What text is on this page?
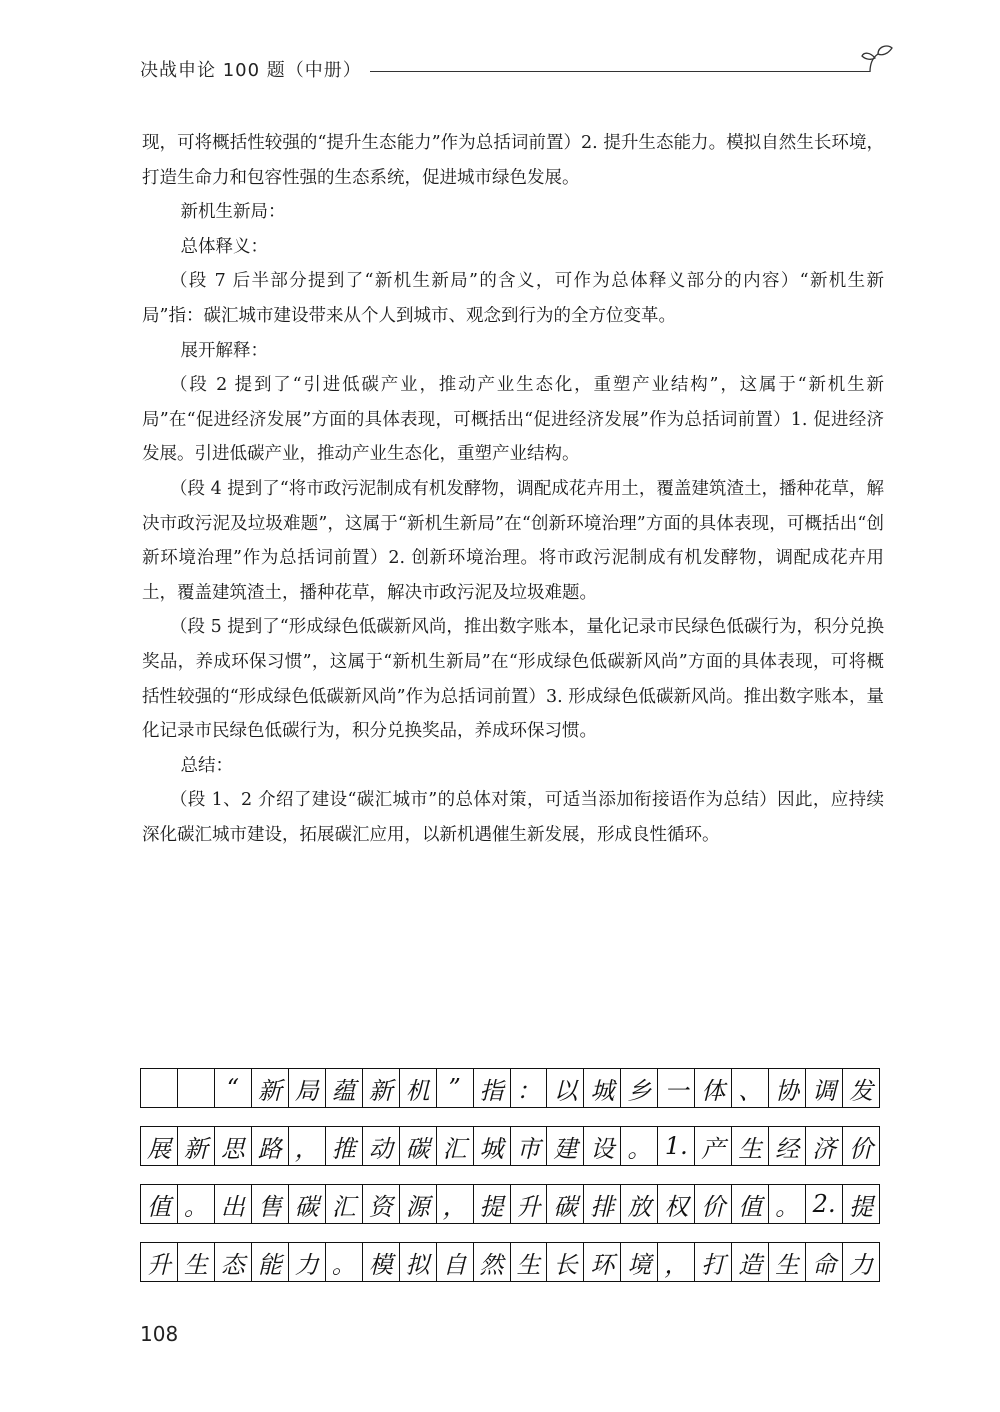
决战申论 100 题（中册）

现，可将概括性较强的“提升生态能力”作为总括词前置）2. 提升生态能力。模拟自然生长环境，打造生命力和包容性强的生态系统，促进城市绿色发展。

新机生新局：

总体释义：

（段 7 后半部分提到了“新机生新局”的含义，可作为总体释义部分的内容）“新机生新局”指：碳汇城市建设带来从个人到城市、观念到行为的全方位变革。

展开解释：

（段 2 提到了“引进低碳产业，推动产业生态化，重塑产业结构”，这属于“新机生新局”在“促进经济发展”方面的具体表现，可概括出“促进经济发展”作为总括词前置）1. 促进经济发展。引进低碳产业，推动产业生态化，重塑产业结构。

（段 4 提到了“将市政污泥制成有机发酵物，调配成花卉用土，覆盖建筑渣土，播种花草，解决市政污泥及垃圾难题”，这属于“新机生新局”在“创新环境治理”方面的具体表现，可概括出“创新环境治理”作为总括词前置）2. 创新环境治理。将市政污泥制成有机发酵物，调配成花卉用土，覆盖建筑渣土，播种花草，解决市政污泥及垃圾难题。

（段 5 提到了“形成绿色低碳新风尚，推出数字账本，量化记录市民绿色低碳行为，积分兑换奖品，养成环保习惯”，这属于“新机生新局”在“形成绿色低碳新风尚”方面的具体表现，可将概括性较强的“形成绿色低碳新风尚”作为总括词前置）3. 形成绿色低碳新风尚。推出数字账本，量化记录市民绿色低碳行为，积分兑换奖品，养成环保习惯。

总结：

（段 1、2 介绍了建设“碳汇城市”的总体对策，可适当添加衔接语作为总结）因此，应持续深化碳汇城市建设，拓展碳汇应用，以新机遇催生新发展，形成良性循环。

“ 新 局 蕴 新 机 ” 指 ： 以 城 乡 一 体 、 协 调 发
展 新 思 路 ， 推 动 碳 汇 城 市 建 设 。 1. 产 生 经 济 价
值 。 出 售 碳 汇 资 源 ， 提 升 碳 排 放 权 价 值 。 2. 提
升 生 态 能 力 。 模 拟 自 然 生 长 环 境 ， 打 造 生 命 力
108
